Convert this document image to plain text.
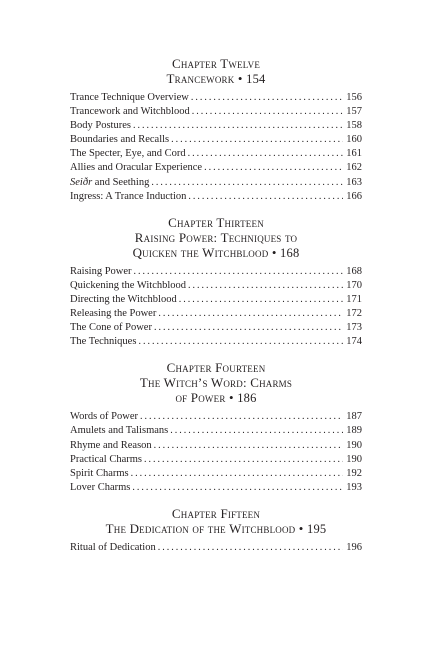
Chapter Twelve
Trancework • 154
Trance Technique Overview . . .	156
Trancework and Witchblood . . .	157
Body Postures . . .	158
Boundaries and Recalls . . .	160
The Specter, Eye, and Cord . . .	161
Allies and Oracular Experience . . .	162
Seiðr and Seething . . .	163
Ingress: A Trance Induction . . .	166
Chapter Thirteen
Raising Power: Techniques to
Quicken the Witchblood • 168
Raising Power . . .	168
Quickening the Witchblood . . .	170
Directing the Witchblood . . .	171
Releasing the Power . . .	172
The Cone of Power . . .	173
The Techniques . . .	174
Chapter Fourteen
The Witch’s Word: Charms
of Power • 186
Words of Power . . .	187
Amulets and Talismans . . .	189
Rhyme and Reason . . .	190
Practical Charms . . .	190
Spirit Charms . . .	192
Lover Charms . . .	193
Chapter Fifteen
The Dedication of the Witchblood • 195
Ritual of Dedication . . .	196
